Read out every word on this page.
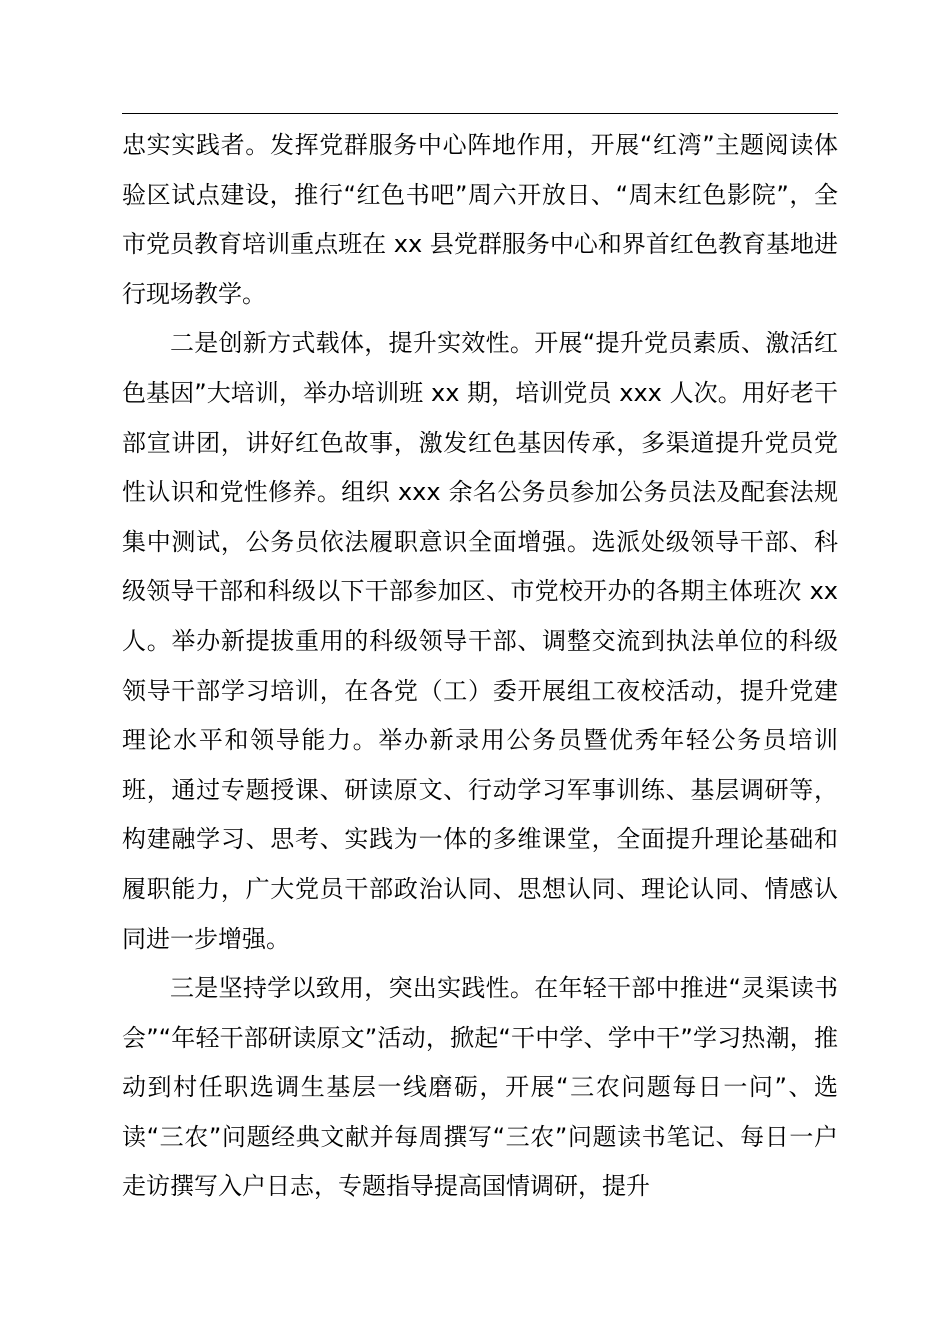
忠实实践者。发挥党群服务中心阵地作用，开展“红湾”主题阅读体验区试点建设，推行“红色书吧”周六开放日、“周末红色影院”，全市党员教育培训重点班在 xx 县党群服务中心和界首红色教育基地进行现场教学。

二是创新方式载体，提升实效性。开展“提升党员素质、激活红色基因”大培训，举办培训班 xx 期，培训党员 xxx 人次。用好老干部宣讲团，讲好红色故事，激发红色基因传承，多渠道提升党员党性认识和党性修养。组织 xxx 余名公务员参加公务员法及配套法规集中测试，公务员依法履职意识全面增强。选派处级领导干部、科级领导干部和科级以下干部参加区、市党校开办的各期主体班次 xx 人。举办新提拔重用的科级领导干部、调整交流到执法单位的科级领导干部学习培训，在各党（工）委开展组工夜校活动，提升党建理论水平和领导能力。举办新录用公务员暨优秀年轻公务员培训班，通过专题授课、研读原文、行动学习军事训练、基层调研等，构建融学习、思考、实践为一体的多维课堂，全面提升理论基础和履职能力，广大党员干部政治认同、思想认同、理论认同、情感认同进一步增强。

三是坚持学以致用，突出实践性。在年轻干部中推进“灵渠读书会”“年轻干部研读原文”活动，掀起“干中学、学中干”学习热潮，推动到村任职选调生基层一线磨砺，开展“三农问题每日一问”、选读“三农”问题经典文献并每周撰写“三农”问题读书笔记、每日一户走访撰写入户日志，专题指导提高国情调研，提升
